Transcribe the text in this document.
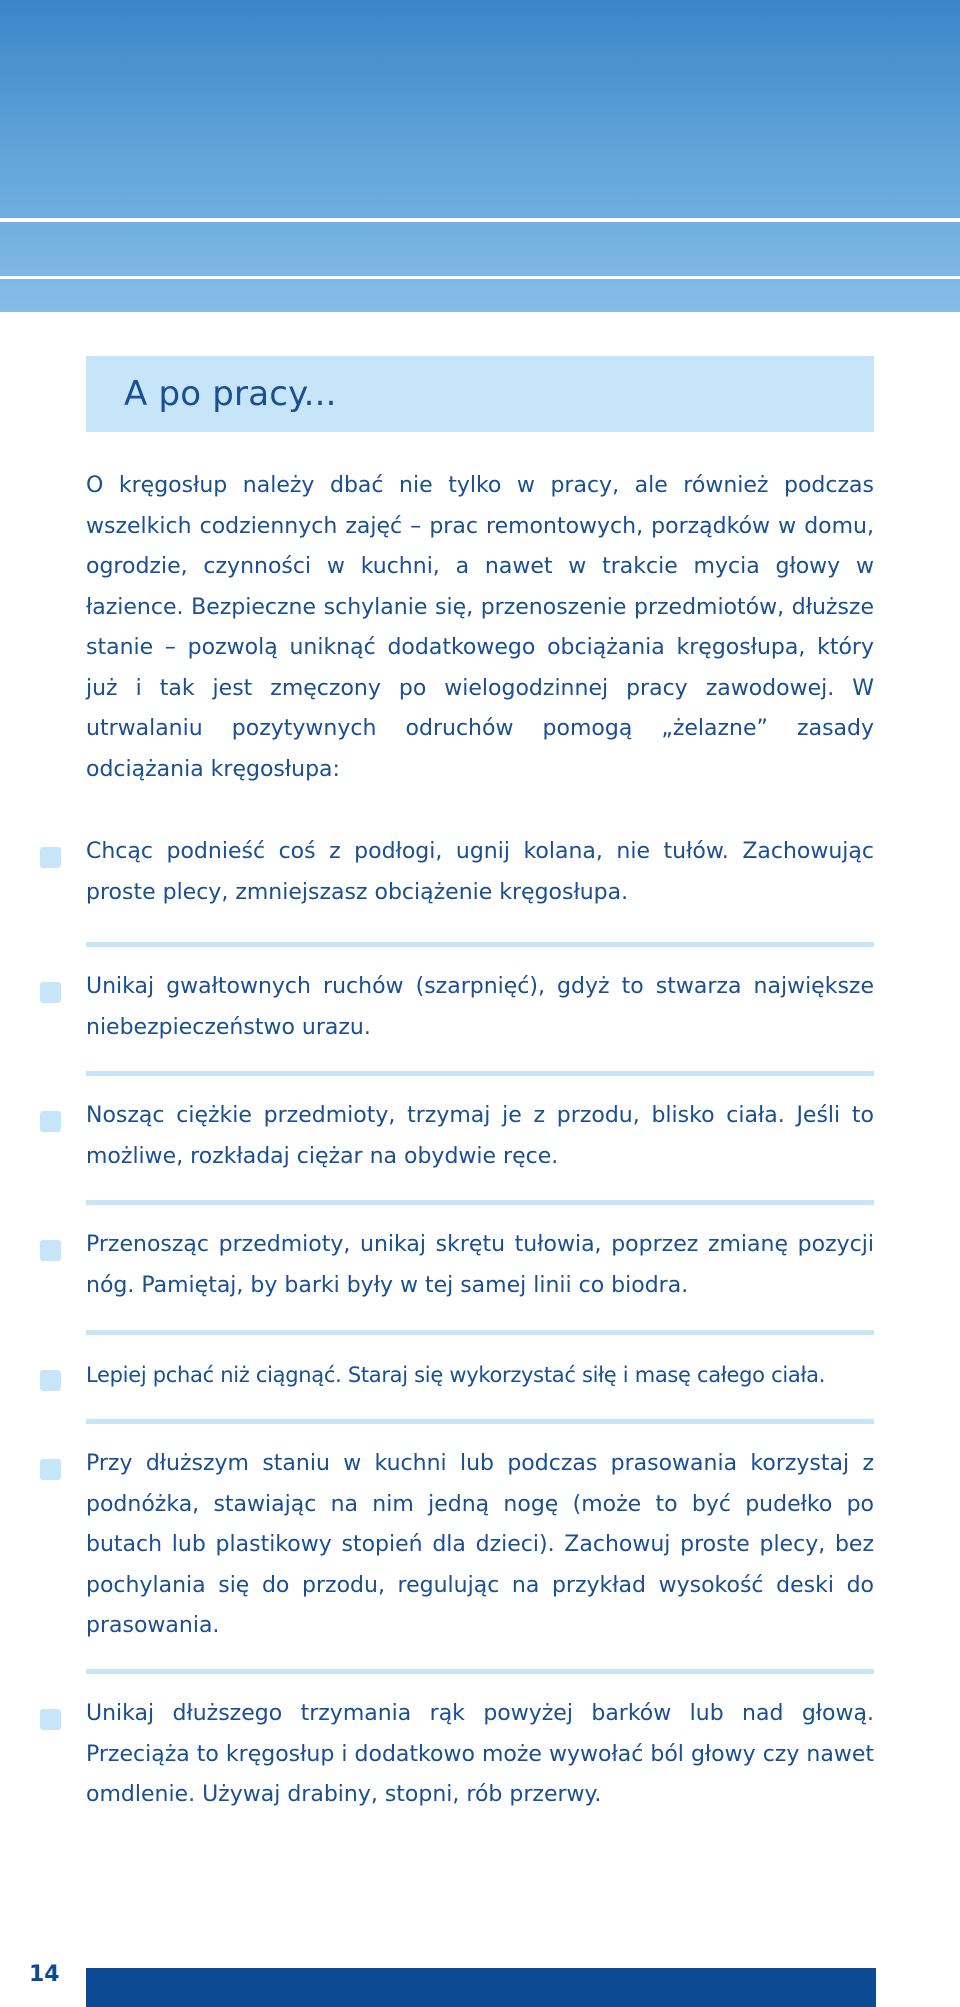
A po pracy...

O kręgosłup należy dbać nie tylko w pracy, ale również podczas wszelkich codziennych zajęć – prac remontowych, porządków w domu, ogrodzie, czynności w kuchni, a nawet w trakcie mycia głowy w łazience. Bezpieczne schylanie się, przenoszenie przedmiotów, dłuższe stanie – pozwolą uniknąć dodatkowego obciążania kręgosłupa, który już i tak jest zmęczony po wielogodzinnej pracy zawodowej. W utrwalaniu pozytywnych odruchów pomogą „żelazne” zasady odciążania kręgosłupa:

Chcąc podnieść coś z podłogi, ugnij kolana, nie tułów. Zachowując proste plecy, zmniejszasz obciążenie kręgosłupa.
Unikaj gwałtownych ruchów (szarpnięć), gdyż to stwarza największe niebezpieczeństwo urazu.
Nosząc ciężkie przedmioty, trzymaj je z przodu, blisko ciała. Jeśli to możliwe, rozkładaj ciężar na obydwie ręce.
Przenosząc przedmioty, unikaj skrętu tułowia, poprzez zmianę pozycji nóg. Pamiętaj, by barki były w tej samej linii co biodra.
Lepiej pchać niż ciągnąć. Staraj się wykorzystać siłę i masę całego ciała.
Przy dłuższym staniu w kuchni lub podczas prasowania korzystaj z podnóżka, stawiając na nim jedną nogę (może to być pudełko po butach lub plastikowy stopień dla dzieci). Zachowuj proste plecy, bez pochylania się do przodu, regulując na przykład wysokość deski do prasowania.
Unikaj dłuższego trzymania rąk powyżej barków lub nad głową. Przeciąża to kręgosłup i dodatkowo może wywołać ból głowy czy nawet omdlenie. Używaj drabiny, stopni, rób przerwy.
14
